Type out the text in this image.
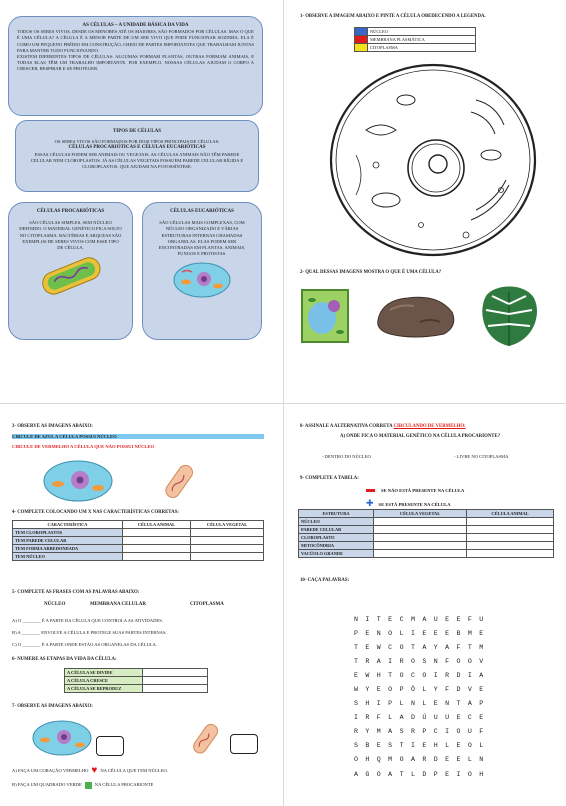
AS CÉLULAS – A UNIDADE BÁSICA DA VIDA
TODOS OS SERES VIVOS, DESDE OS MENORES ATÉ OS MAIORES, SÃO FORMADOS POR CÉLULAS. MAS O QUE É UMA CÉLULA? A CÉLULA É A MENOR PARTE DE UM SER VIVO QUE PODE FUNCIONAR SOZINHA. ELA É COMO UM PEQUENO PRÉDIO EM CONSTRUÇÃO, CHEIO DE PARTES IMPORTANTES QUE TRABALHAM JUNTAS PARA MANTER TUDO FUNCIONANDO.
EXISTEM DIFERENTES TIPOS DE CÉLULAS: ALGUMAS FORMAM PLANTAS, OUTRAS FORMAM ANIMAIS, E TODAS ELAS TÊM UM TRABALHO IMPORTANTE. POR EXEMPLO, NOSSAS CÉLULAS AJUDAM O CORPO A CRESCER, RESPIRAR E SE PROTEGER.
TIPOS DE CÉLULAS
OS SERES VIVOS SÃO FORMADOS POR DOIS TIPOS PRINCIPAIS DE CÉLULAS:
CÉLULAS PROCARIÓTICAS E CÉLULAS EUCARIÓTICAS
ESSAS CÉLULAS PODEM SER ANIMAIS OU VEGETAIS. AS CÉLULAS ANIMAIS NÃO TÊM PAREDE CELULAR NEM CLOROPLASTOS. JÁ AS CÉLULAS VEGETAIS POSSUEM PAREDE CELULAR RÍGIDA E CLOROPLASTOS, QUE AJUDAM NA FOTOSSÍNTESE.
CÉLULAS PROCARIÓTICAS
SÃO CÉLULAS SIMPLES, SEM NÚCLEO DEFINIDO. O MATERIAL GENÉTICO FICA SOLTO NO CITOPLASMA. BACTÉRIAS E ARQUEAS SÃO EXEMPLOS DE SERES VIVOS COM ESSE TIPO DE CÉLULA.
CÉLULAS EUCARIÓTICAS
SÃO CÉLULAS MAIS COMPLEXAS, COM NÚCLEO ORGANIZADO E VÁRIAS ESTRUTURAS INTERNAS CHAMADAS ORGANELAS. ELAS PODEM SER ENCONTRADAS EM PLANTAS, ANIMAIS, FUNGOS E PROTISTAS.
1- OBSERVE A IMAGEM ABAIXO E PINTE A CÉLULA OBEDECENDO A LEGENDA.
	NÚCLEO
	MEMBRANA PLASMÁTICA
	CITOPLASMA
2- QUAL DESSAS IMAGENS MOSTRA O QUE É UMA CÉLULA?
3- OBSERVE AS IMAGENS ABAIXO:
CIRCULE DE AZUL A CÉLULA POSSUI NÚCLEO
CIRCULE DE VERMELHO A CÉLULA QUE NÃO POSSUI NÚCLEO
4- COMPLETE COLOCANDO UM X NAS CARACTERÍSTICAS CORRETAS:
CARACTERÍSTICA	CÉLULA ANIMAL	CÉLULA VEGETAL
TEM CLOROPLASTOS		
TEM PAREDE CELULAR		
TEM FORMA ARREDONDADA		
TEM NÚCLEO		
5- COMPLETE AS FRASES COM AS PALAVRAS ABAIXO:
NÚCLEO	MEMBRANA CELULAR	CITOPLASMA
A) O ________ É A PARTE DA CÉLULA QUE CONTROLA AS ATIVIDADES.
B) A ________ ENVOLVE A CÉLULA E PROTEGE SUAS PARTES INTERNAS.
C) O ________ É A PARTE ONDE ESTÃO AS ORGANELAS DA CÉLULA.
6- NUMERE AS ETAPAS DA VIDA DA CÉLULA:
A CÉLULA SE DIVIDE	
A CÉLULA CRESCE	
A CÉLULA SE REPRODUZ	
7- OBSERVE AS IMAGENS ABAIXO:
A) FAÇA UM CORAÇÃO VERMELHO ♥ NA CÉLULA QUE TEM NÚCLEO.
B) FAÇA UM QUADRADO VERDE	NA CÉLULA PROCARIONTE
8- ASSINALE A ALTERNATIVA CORRETA CIRCULANDO DE VERMELHO:
A) ONDE FICA O MATERIAL GENÉTICO NA CÉLULA PROCARIONTE?
- DENTRO DO NÚCLEO	- LIVRE NO CITOPLASMA
9- COMPLETE A TABELA:
SE NÃO ESTÁ PRESENTE NA CÉLULA
✚ SE ESTÁ PRESENTE NA CÉLULA
ESTRUTURA	CÉLULA VEGETAL	CÉLULA ANIMAL
NÚCLEO		
PAREDE CELULAR		
CLOROPLASTO		
MITOCÔNDRIA		
VACÚOLO GRANDE		
10- CAÇA PALAVRAS:
N	I	T	E	C	M	A	U	E	E	F	U
P	E	N	O	L	I	E	E	E	B	M	E
T	E	W	C	O	T	A	Y	A	F	T	M
T	R	A	I	R	O	S	N	F	O	O	V
E	W	H	T	O	C	O	I	R	D	I	A
W	Y	E	O	P	Ô	L	Y	F	D	V	E
S	H	I	P	L	N	L	E	N	T	A	P
I	R	F	L	A	D	Ú	U	U	E	C	E
R	Y	M	A	S	R	P	C	I	O	U	F
S	B	E	S	T	I	E	H	L	E	O	L
O	H	Q	M	O	A	R	D	E	E	L	N
A	G	O	A	T	L	D	P	E	I	O	H
